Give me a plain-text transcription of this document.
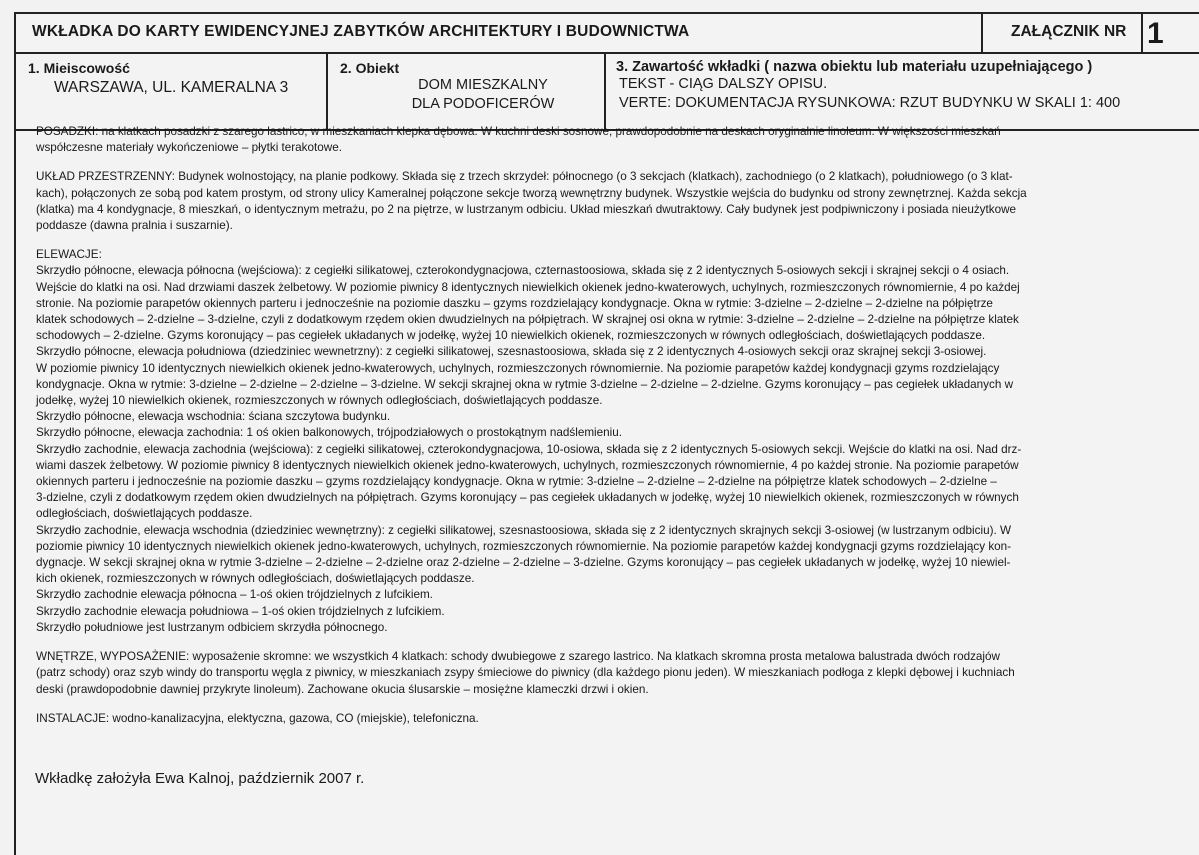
WKŁADKA DO KARTY EWIDENCYJNEJ ZABYTKÓW ARCHITEKTURY I BUDOWNICTWA	ZAŁĄCZNIK NR 1
1. Mieiscowość
WARSZAWA, UL. KAMERALNA 3
2. Obiekt
DOM MIESZKALNY
DLA PODOFICERÓW
3. Zawartość wkładki ( nazwa obiektu lub materiału uzupełniającego )
TEKST - CIĄG DALSZY OPISU.
VERTE: DOKUMENTACJA RYSUNKOWA: RZUT BUDYNKU W SKALI 1: 400

POSADZKI: na klatkach posadzki z szarego lastrico, w mieszkaniach klepka dębowa. W kuchni deski sosnowe, prawdopodobnie na deskach oryginalnie linoleum. W większości mieszkań
współczesne materiały wykończeniowe – płytki terakotowe.

UKŁAD PRZESTRZENNY: Budynek wolnostojący, na planie podkowy. Składa się z trzech skrzydeł: północnego (o 3 sekcjach (klatkach), zachodniego (o 2 klatkach), południowego (o 3 klat-
kach), połączonych ze sobą pod katem prostym, od strony ulicy Kameralnej połączone sekcje tworzą wewnętrzny budynek. Wszystkie wejścia do budynku od strony zewnętrznej. Każda sekcja
(klatka) ma 4 kondygnacje, 8 mieszkań, o identycznym metrażu, po 2 na piętrze, w lustrzanym odbiciu. Układ mieszkań dwutraktowy. Cały budynek jest podpiwniczony i posiada nieużytkowe
poddasze (dawna pralnia i suszarnie).

ELEWACJE:
Skrzydło północne, elewacja północna (wejściowa): z cegiełki silikatowej, czterokondygnacjowa, czternastoosiowa, składa się z 2 identycznych 5-osiowych sekcji i skrajnej sekcji o 4 osiach.
Wejście do klatki na osi. Nad drzwiami daszek żelbetowy. W poziomie piwnicy 8 identycznych niewielkich okienek jedno-kwaterowych, uchylnych, rozmieszczonych równomiernie, 4 po każdej
stronie. Na poziomie parapetów okiennych parteru i jednocześnie na poziomie daszku – gzyms rozdzielający kondygnacje. Okna w rytmie: 3-dzielne – 2-dzielne – 2-dzielne na półpiętrze
klatek schodowych – 2-dzielne – 3-dzielne, czyli z dodatkowym rzędem okien dwudzielnych na półpiętrach. W skrajnej osi okna w rytmie: 3-dzielne – 2-dzielne – 2-dzielne na półpiętrze klatek
schodowych – 2-dzielne. Gzyms koronujący – pas cegiełek układanych w jodełkę, wyżej 10 niewielkich okienek, rozmieszczonych w równych odległościach, doświetlających poddasze.
Skrzydło północne, elewacja południowa (dziedziniec wewnetrzny): z cegiełki silikatowej, szesnastoosiowa, składa się z 2 identycznych 4-osiowych sekcji oraz skrajnej sekcji 3-osiowej.
W poziomie piwnicy 10 identycznych niewielkich okienek jedno-kwaterowych, uchylnych, rozmieszczonych równomiernie. Na poziomie parapetów każdej kondygnacji gzyms rozdzielający
kondygnacje. Okna w rytmie: 3-dzielne – 2-dzielne – 2-dzielne – 3-dzielne. W sekcji skrajnej okna w rytmie 3-dzielne – 2-dzielne – 2-dzielne. Gzyms koronujący – pas cegiełek układanych w
jodełkę, wyżej 10 niewielkich okienek, rozmieszczonych w równych odległościach, doświetlających poddasze.
Skrzydło północne, elewacja wschodnia: ściana szczytowa budynku.
Skrzydło północne, elewacja zachodnia: 1 oś okien balkonowych, trójpodziałowych o prostokątnym nadślemieniu.
Skrzydło zachodnie, elewacja zachodnia (wejściowa): z cegiełki silikatowej, czterokondygnacjowa, 10-osiowa, składa się z 2 identycznych 5-osiowych sekcji. Wejście do klatki na osi. Nad drz-
wiami daszek żelbetowy. W poziomie piwnicy 8 identycznych niewielkich okienek jedno-kwaterowych, uchylnych, rozmieszczonych równomiernie, 4 po każdej stronie. Na poziomie parapetów
okiennych parteru i jednocześnie na poziomie daszku – gzyms rozdzielający kondygnacje. Okna w rytmie: 3-dzielne – 2-dzielne – 2-dzielne na półpiętrze klatek schodowych – 2-dzielne –
3-dzielne, czyli z dodatkowym rzędem okien dwudzielnych na półpiętrach. Gzyms koronujący – pas cegiełek układanych w jodełkę, wyżej 10 niewielkich okienek, rozmieszczonych w równych
odległościach, doświetlających poddasze.
Skrzydło zachodnie, elewacja wschodnia (dziedziniec wewnętrzny): z cegiełki silikatowej, szesnastoosiowa, składa się z 2 identycznych skrajnych sekcji 3-osiowej (w lustrzanym odbiciu). W
poziomie piwnicy 10 identycznych niewielkich okienek jedno-kwaterowych, uchylnych, rozmieszczonych równomiernie. Na poziomie parapetów każdej kondygnacji gzyms rozdzielający kon-
dygnacje. W sekcji skrajnej okna w rytmie 3-dzielne – 2-dzielne – 2-dzielne oraz 2-dzielne – 2-dzielne – 3-dzielne. Gzyms koronujący – pas cegiełek układanych w jodełkę, wyżej 10 niewiel-
kich okienek, rozmieszczonych w równych odległościach, doświetlających poddasze.
Skrzydło zachodnie elewacja północna – 1-oś okien trójdzielnych z lufcikiem.
Skrzydło zachodnie elewacja południowa – 1-oś okien trójdzielnych z lufcikiem.
Skrzydło południowe jest lustrzanym odbiciem skrzydła północnego.

WNĘTRZE, WYPOSAŻENIE: wyposażenie skromne: we wszystkich 4 klatkach: schody dwubiegowe z szarego lastrico. Na klatkach skromna prosta metalowa balustrada dwóch rodzajów
(patrz schody) oraz szyb windy do transportu węgla z piwnicy, w mieszkaniach zsypy śmieciowe do piwnicy (dla każdego pionu jeden). W mieszkaniach podłoga z klepki dębowej i kuchniach
deski (prawdopodobnie dawniej przykryte linoleum). Zachowane okucia ślusarskie – mosiężne klameczki drzwi i okien.

INSTALACJE: wodno-kanalizacyjna, elektyczna, gazowa, CO (miejskie), telefoniczna.

Wkładkę założyła Ewa Kalnoj, październik 2007 r.
